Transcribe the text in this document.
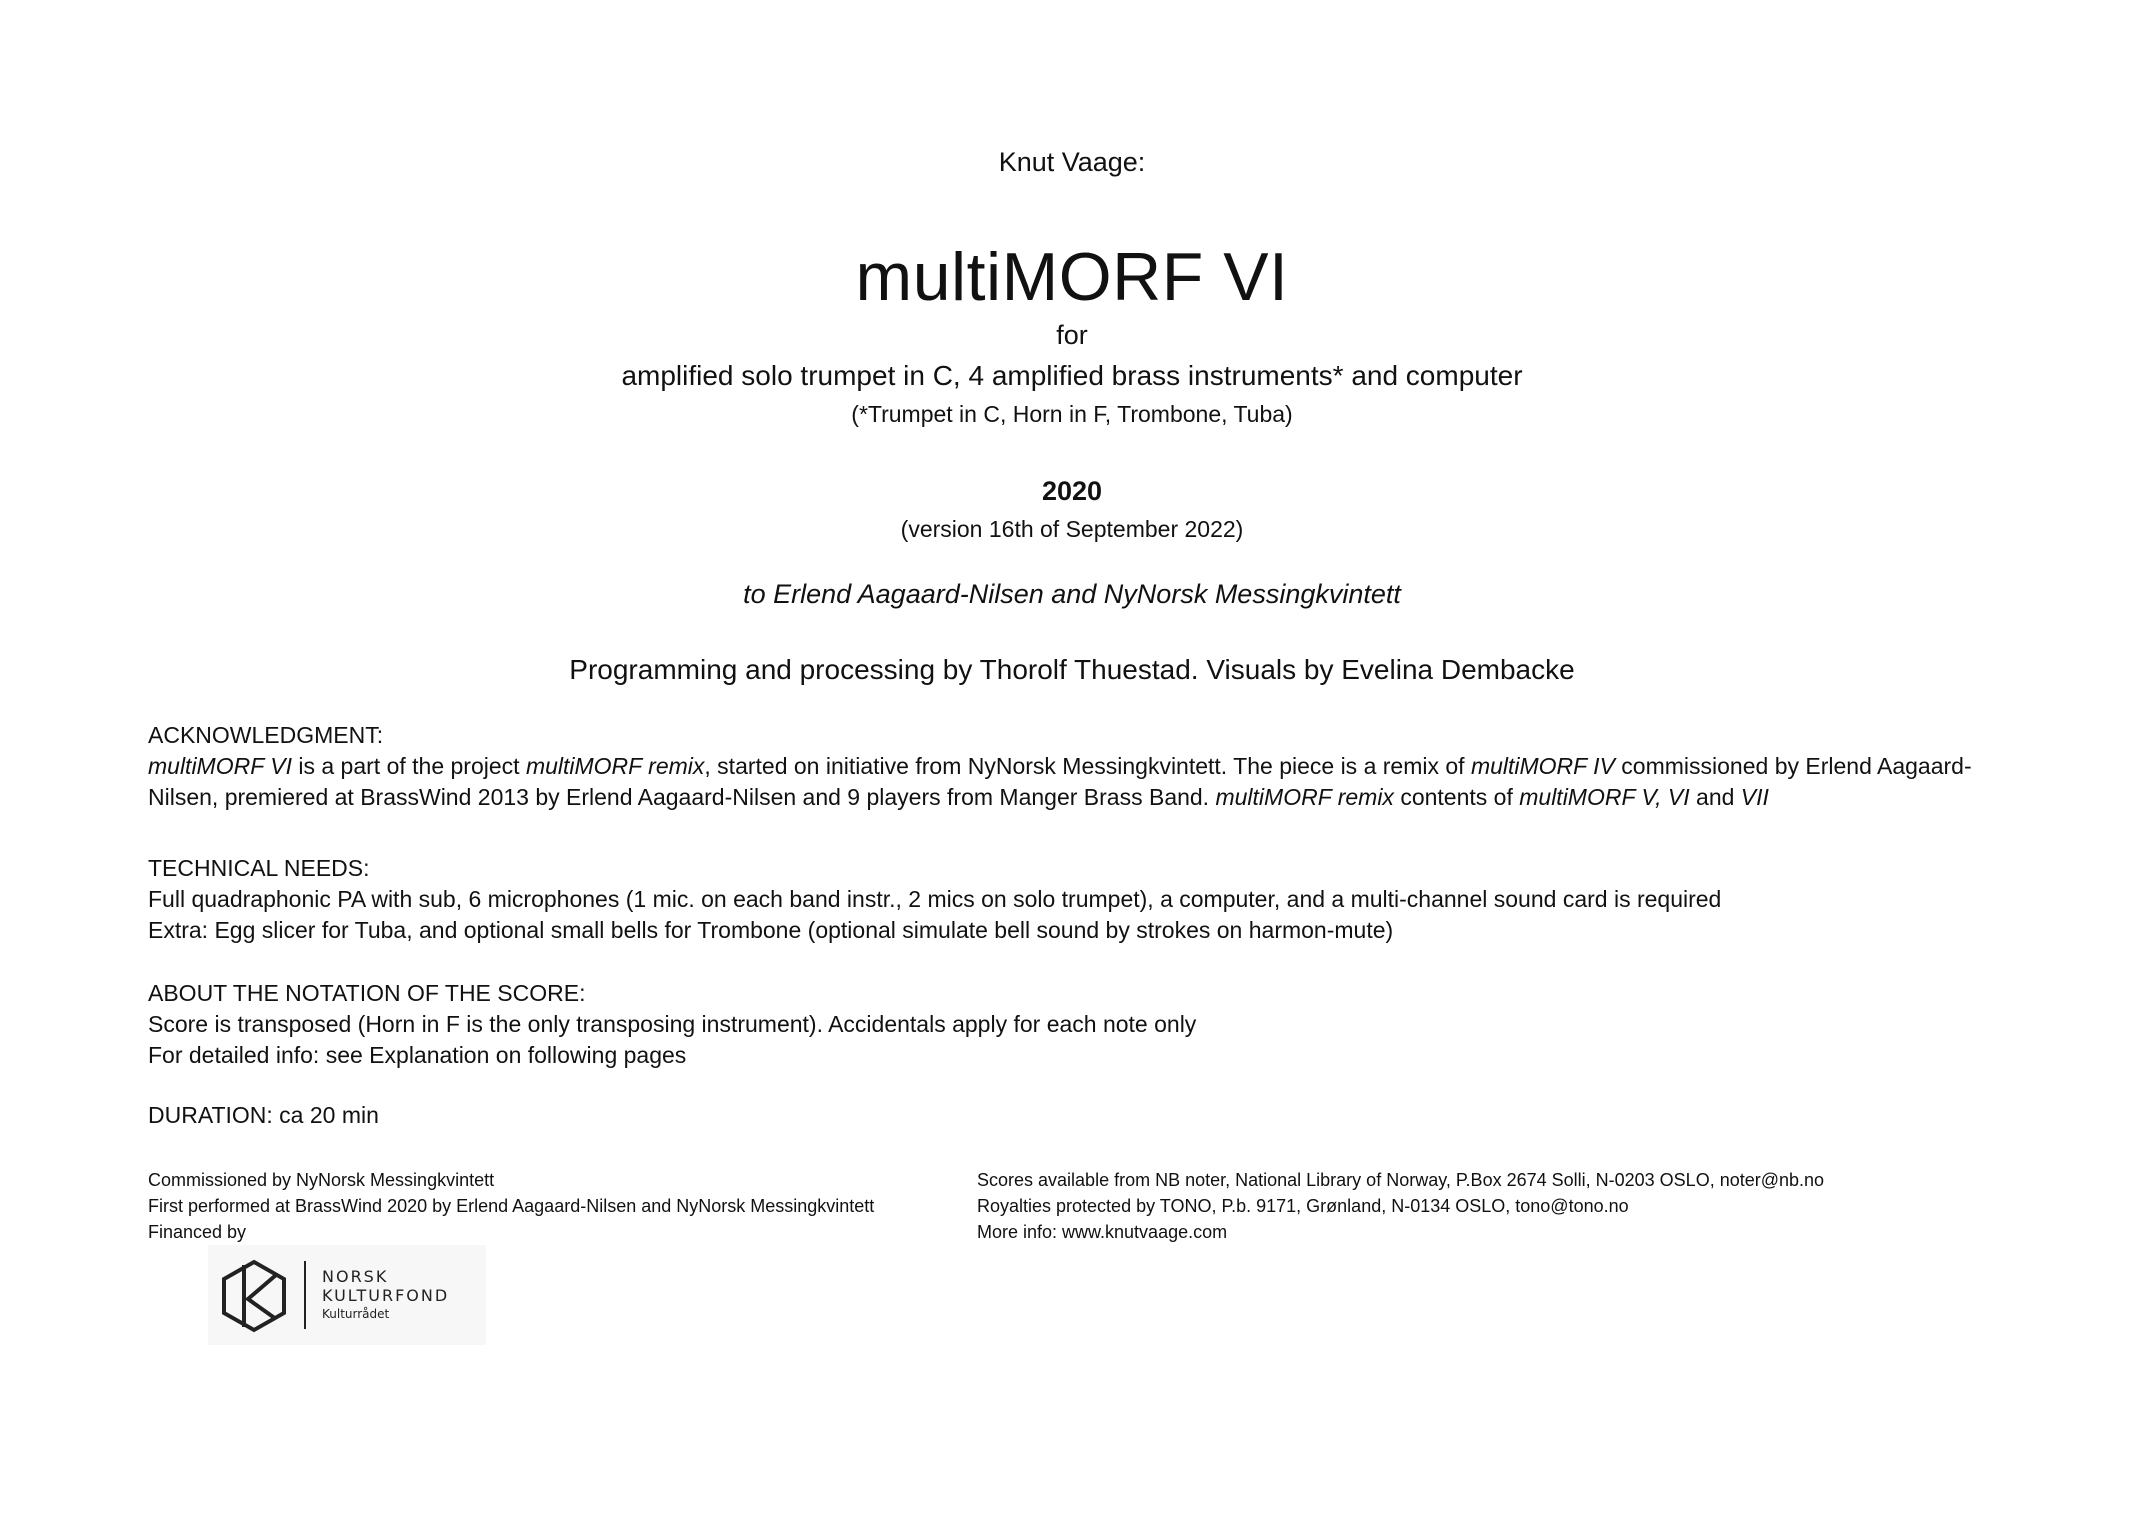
Knut Vaage:
multiMORF VI
for
amplified solo trumpet in C, 4 amplified brass instruments* and computer
(*Trumpet in C, Horn in F, Trombone, Tuba)
2020
(version 16th of September 2022)
to Erlend Aagaard-Nilsen and NyNorsk Messingkvintett
Programming and processing by Thorolf Thuestad. Visuals by Evelina Dembacke
ACKNOWLEDGMENT:

multiMORF VI is a part of the project multiMORF remix, started on initiative from NyNorsk Messingkvintett. The piece is a remix of multiMORF IV commissioned by Erlend Aagaard-Nilsen, premiered at BrassWind 2013 by Erlend Aagaard-Nilsen and 9 players from Manger Brass Band. multiMORF remix contents of multiMORF V, VI and VII

TECHNICAL NEEDS:

Full quadraphonic PA with sub, 6 microphones (1 mic. on each band instr., 2 mics on solo trumpet), a computer, and a multi-channel sound card is required

Extra: Egg slicer for Tuba, and optional small bells for Trombone (optional simulate bell sound by strokes on harmon-mute)

ABOUT THE NOTATION OF THE SCORE:

Score is transposed (Horn in F is the only transposing instrument). Accidentals apply for each note only

For detailed info: see Explanation on following pages

DURATION: ca 20 min
Commissioned by NyNorsk Messingkvintett
First performed at BrassWind 2020 by Erlend Aagaard-Nilsen and NyNorsk Messingkvintett
Financed by
Scores available from NB noter, National Library of Norway, P.Box 2674 Solli, N-0203 OSLO, noter@nb.no
Royalties protected by TONO, P.b. 9171, Grønland, N-0134 OSLO, tono@tono.no
More info: www.knutvaage.com
NORSK
KULTURFOND
Kulturrådet
